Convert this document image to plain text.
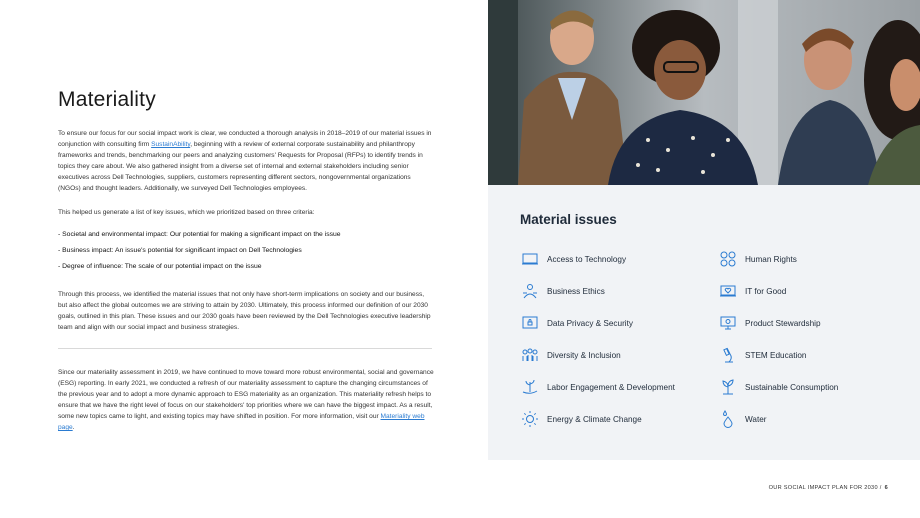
Materiality

To ensure our focus for our social impact work is clear, we conducted a thorough analysis in 2018–2019 of our material issues in conjunction with consulting firm SustainAbility, beginning with a review of external corporate sustainability and philanthropy frameworks and trends, benchmarking our peers and analyzing customers' Requests for Proposal (RFPs) to identify trends in topics they care about. We also gathered insight from a diverse set of internal and external stakeholders including senior executives across Dell Technologies, suppliers, customers representing different sectors, nongovernmental organizations (NGOs) and thought leaders. Additionally, we surveyed Dell Technologies employees.

This helped us generate a list of key issues, which we prioritized based on three criteria:

- Societal and environmental impact: Our potential for making a significant impact on the issue

- Business impact: An issue's potential for significant impact on Dell Technologies

- Degree of influence: The scale of our potential impact on the issue

Through this process, we identified the material issues that not only have short-term implications on society and our business, but also affect the global outcomes we are striving to attain by 2030. Ultimately, this process informed our definition of our 2030 goals, outlined in this plan. These issues and our 2030 goals have been reviewed by the Dell Technologies executive leadership team and align with our social impact and business strategies.

Since our materiality assessment in 2019, we have continued to move toward more robust environmental, social and governance (ESG) reporting. In early 2021, we conducted a refresh of our materiality assessment to capture the changing circumstances of the previous year and to adopt a more dynamic approach to ESG materiality as an organization. This materiality refresh helps to ensure that we have the right level of focus on our stakeholders' top priorities where we can have the biggest impact. As a result, some new topics came to light, and existing topics may have shifted in position. For more information, visit our Materiality web page.

Material issues
Access to Technology
Business Ethics
Data Privacy & Security
Diversity & Inclusion
Labor Engagement & Development
Energy & Climate Change
Human Rights
IT for Good
Product Stewardship
STEM Education
Sustainable Consumption
Water
OUR SOCIAL IMPACT PLAN FOR 2030 / 6
